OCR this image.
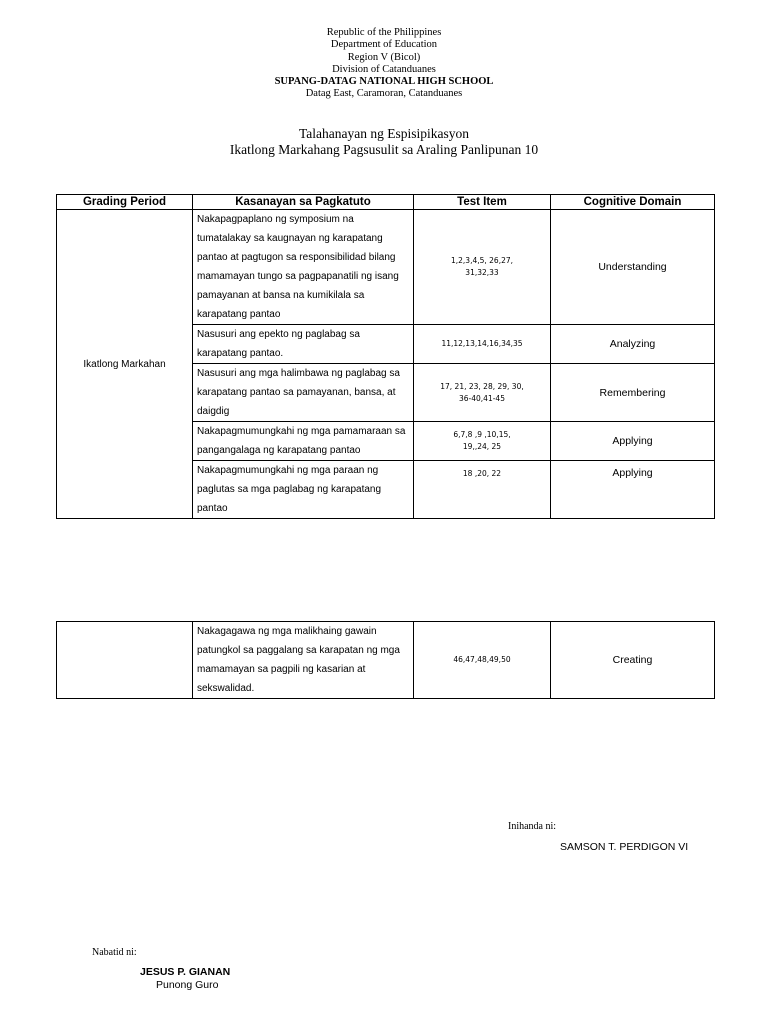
Republic of the Philippines
Department of Education
Region V (Bicol)
Division of Catanduanes
SUPANG-DATAG NATIONAL HIGH SCHOOL
Datag East, Caramoran, Catanduanes
Talahanayan ng Espisipikasyon
Ikatlong Markahang Pagsusulit sa Araling Panlipunan 10
Grading Period	Kasanayan sa Pagkatuto	Test Item	Cognitive Domain
Ikatlong Markahan	Nakapagpaplano ng symposium na tumatalakay sa kaugnayan ng karapatang pantao at pagtugon sa responsibilidad bilang mamamayan tungo sa pagpapanatili ng isang pamayanan at bansa na kumikilala sa karapatang pantao	1,2,3,4,5, 26,27, 31,32,33	Understanding
	Nasusuri ang epekto ng paglabag sa karapatang pantao.	11,12,13,14,16,34,35	Analyzing
	Nasusuri ang mga halimbawa ng paglabag sa karapatang pantao sa pamayanan, bansa, at daigdig	17, 21, 23, 28, 29, 30, 36-40,41-45	Remembering
	Nakapagmumungkahi ng mga pamamaraan sa pangangalaga ng karapatang pantao	6,7,8 ,9 ,10,15, 19,,24, 25	Applying
	Nakapagmumungkahi ng mga paraan ng paglutas sa mga paglabag ng karapatang pantao	18 ,20, 22	Applying
	Nakagagawa ng mga malikhaing gawain patungkol sa paggalang sa karapatan ng mga mamamayan sa pagpili ng kasarian at sekswalidad.	46,47,48,49,50	Creating
Inihanda ni:
SAMSON T. PERDIGON VI
Nabatid ni:
JESUS P. GIANAN
Punong Guro
